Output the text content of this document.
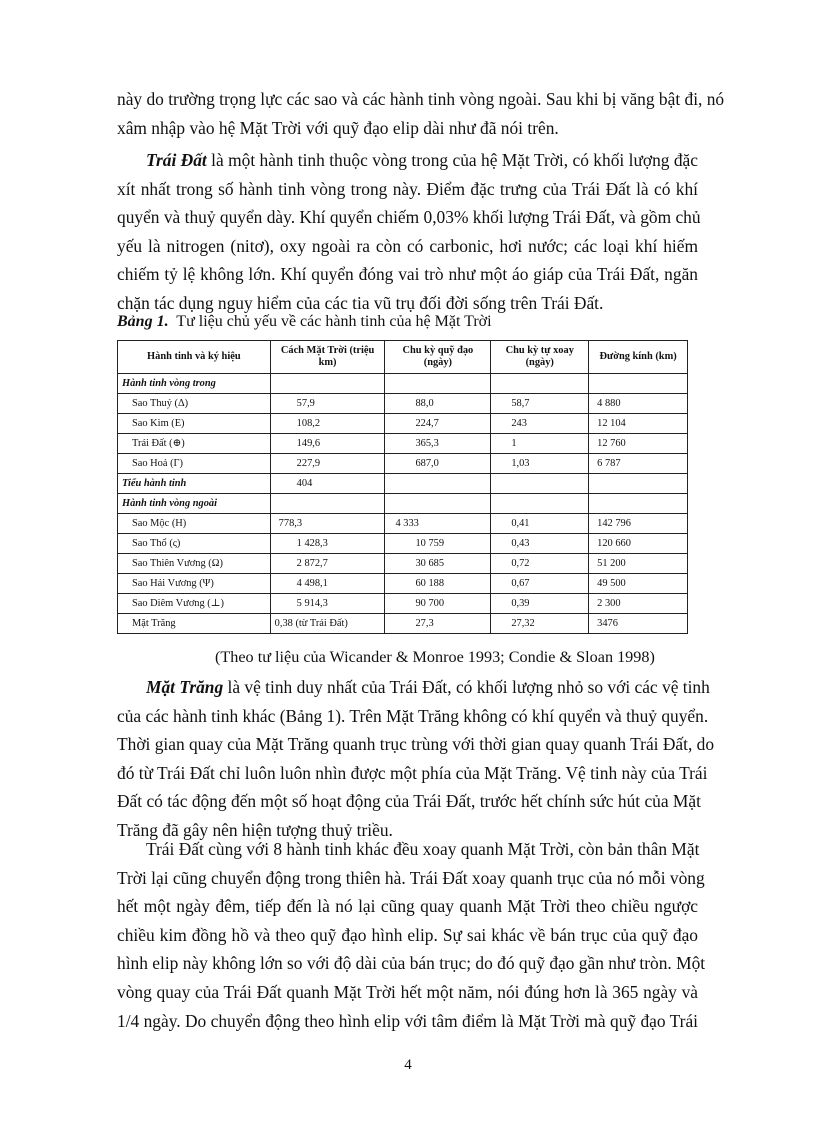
này do trường trọng lực các sao và các hành tinh vòng ngoài. Sau khi bị văng bật đi, nó
xâm nhập vào hệ Mặt Trời với quỹ đạo elip dài như đã nói trên.
Trái Đất là một hành tinh thuộc vòng trong của hệ Mặt Trời, có khối lượng đặc
xít nhất trong số hành tinh vòng trong này. Điểm đặc trưng của Trái Đất là có khí
quyển và thuỷ quyển dày. Khí quyển chiếm 0,03% khối lượng Trái Đất, và gồm chủ
yếu là nitrogen (nitơ), oxy ngoài ra còn có carbonic, hơi nước; các loại khí hiếm
chiếm tỷ lệ không lớn. Khí quyển đóng vai trò như một áo giáp của Trái Đất, ngăn
chặn tác dụng nguy hiểm của các tia vũ trụ đối đời sống trên Trái Đất.
Bảng 1. Tư liệu chủ yếu về các hành tinh của hệ Mặt Trời
Hành tinh và ký hiệu	Cách Mặt Trời (triệu km)	Chu kỳ quỹ đạo (ngày)	Chu kỳ tự xoay (ngày)	Đường kính (km)
Hành tinh vòng trong				
Sao Thuỷ (Δ)	57,9	88,0	58,7	4 880
Sao Kim (E)	108,2	224,7	243	12 104
Trái Đất (⊕)	149,6	365,3	1	12 760
Sao Hoả (Γ)	227,9	687,0	1,03	6 787
Tiểu hành tinh	404			
Hành tinh vòng ngoài				
Sao Mộc (H)	778,3	4 333	0,41	142 796
Sao Thổ (ς)	1 428,3	10 759	0,43	120 660
Sao Thiên Vương (Ω)	2 872,7	30 685	0,72	51 200
Sao Hải Vương (Ψ)	4 498,1	60 188	0,67	49 500
Sao Diêm Vương (⊥)	5 914,3	90 700	0,39	2 300
Mặt Trăng	0,38 (từ Trái Đất)	27,3	27,32	3476
(Theo tư liệu của Wicander & Monroe 1993; Condie & Sloan 1998)
Mặt Trăng là vệ tinh duy nhất của Trái Đất, có khối lượng nhỏ so với các vệ tinh
của các hành tinh khác (Bảng 1). Trên Mặt Trăng không có khí quyển và thuỷ quyển.
Thời gian quay của Mặt Trăng quanh trục trùng với thời gian quay quanh Trái Đất, do
đó từ Trái Đất chỉ luôn luôn nhìn được một phía của Mặt Trăng. Vệ tinh này của Trái
Đất có tác động đến một số hoạt động của Trái Đất, trước hết chính sức hút của Mặt
Trăng đã gây nên hiện tượng thuỷ triều.
Trái Đất cùng với 8 hành tinh khác đều xoay quanh Mặt Trời, còn bản thân Mặt
Trời lại cũng chuyển động trong thiên hà. Trái Đất xoay quanh trục của nó mỗi vòng
hết một ngày đêm, tiếp đến là nó lại cũng quay quanh Mặt Trời theo chiều ngược
chiều kim đồng hồ và theo quỹ đạo hình elip. Sự sai khác về bán trục của quỹ đạo
hình elip này không lớn so với độ dài của bán trục; do đó quỹ đạo gần như tròn. Một
vòng quay của Trái Đất quanh Mặt Trời hết một năm, nói đúng hơn là 365 ngày và
1/4 ngày. Do chuyển động theo hình elip với tâm điểm là Mặt Trời mà quỹ đạo Trái
4
